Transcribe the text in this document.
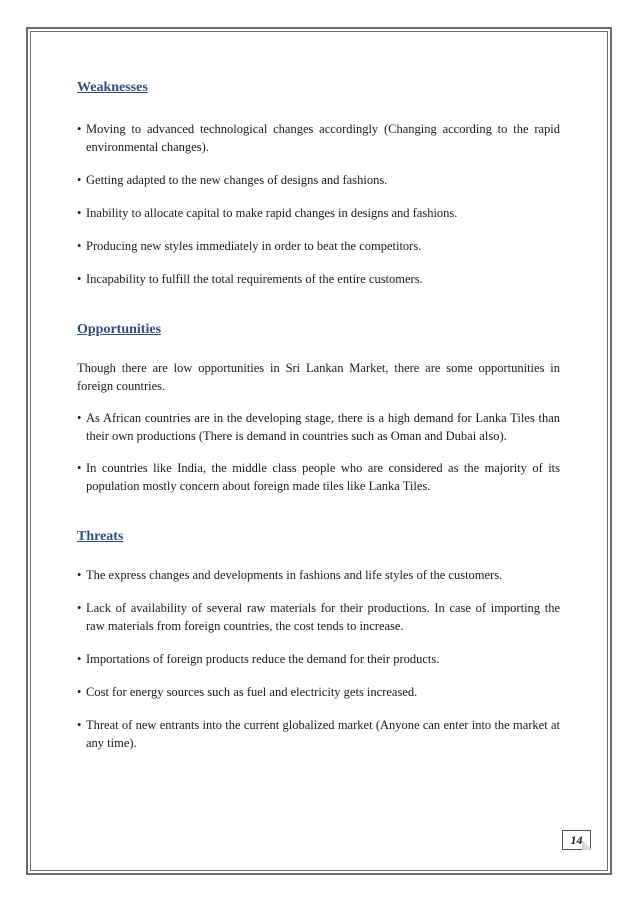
Weaknesses
• Moving to advanced technological changes accordingly (Changing according to the rapid environmental changes).
• Getting adapted to the new changes of designs and fashions.
• Inability to allocate capital to make rapid changes in designs and fashions.
• Producing new styles immediately in order to beat the competitors.
• Incapability to fulfill the total requirements of the entire customers.
Opportunities

Though there are low opportunities in Sri Lankan Market, there are some opportunities in foreign countries.

• As African countries are in the developing stage, there is a high demand for Lanka Tiles than their own productions (There is demand in countries such as Oman and Dubai also).
• In countries like India, the middle class people who are considered as the majority of its population mostly concern about foreign made tiles like Lanka Tiles.
Threats
• The express changes and developments in fashions and life styles of the customers.
• Lack of availability of several raw materials for their productions. In case of importing the raw materials from foreign countries, the cost tends to increase.
• Importations of foreign products reduce the demand for their products.
• Cost for energy sources such as fuel and electricity gets increased.
• Threat of new entrants into the current globalized market (Anyone can enter into the market at any time).
14
